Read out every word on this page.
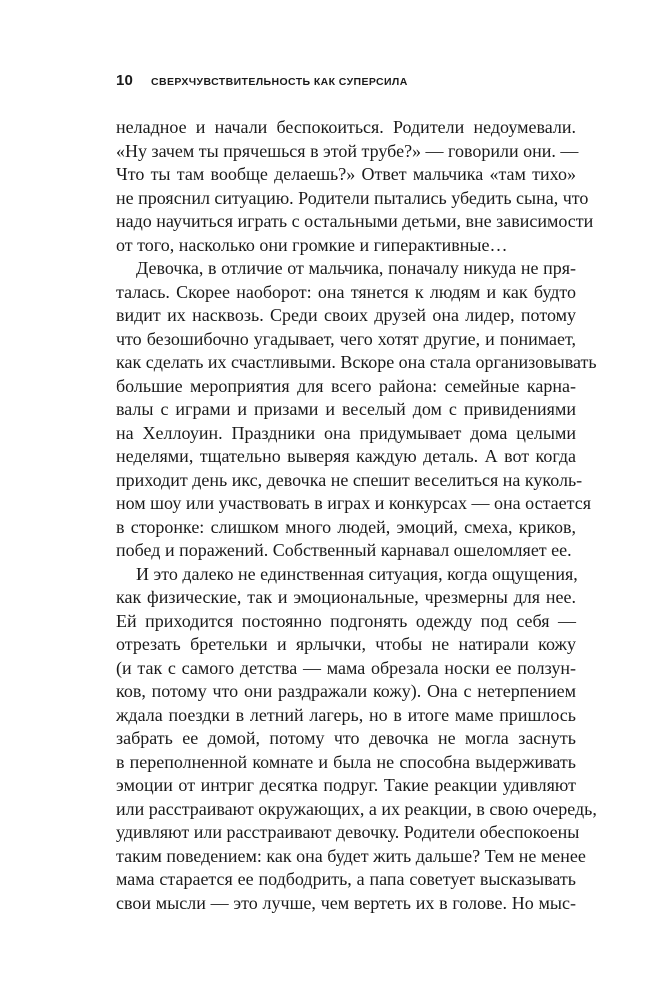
10	СВЕРХЧУВСТВИТЕЛЬНОСТЬ КАК СУПЕРСИЛА
неладное и начали беспокоиться. Родители недоумевали.
«Ну зачем ты прячешься в этой трубе?» — говорили они. —
Что ты там вообще делаешь?» Ответ мальчика «там тихо»
не прояснил ситуацию. Родители пытались убедить сына, что
надо научиться играть с остальными детьми, вне зависимости
от того, насколько они громкие и гиперактивные…
Девочка, в отличие от мальчика, поначалу никуда не пря-
талась. Скорее наоборот: она тянется к людям и как будто
видит их насквозь. Среди своих друзей она лидер, потому
что безошибочно угадывает, чего хотят другие, и понимает,
как сделать их счастливыми. Вскоре она стала организовывать
большие мероприятия для всего района: семейные карна-
валы с играми и призами и веселый дом с привидениями
на Хеллоуин. Праздники она придумывает дома целыми
неделями, тщательно выверяя каждую деталь. А вот когда
приходит день икс, девочка не спешит веселиться на куколь-
ном шоу или участвовать в играх и конкурсах — она остается
в сторонке: слишком много людей, эмоций, смеха, криков,
побед и поражений. Собственный карнавал ошеломляет ее.
И это далеко не единственная ситуация, когда ощущения,
как физические, так и эмоциональные, чрезмерны для нее.
Ей приходится постоянно подгонять одежду под себя —
отрезать бретельки и ярлычки, чтобы не натирали кожу
(и так с самого детства — мама обрезала носки ее ползун-
ков, потому что они раздражали кожу). Она с нетерпением
ждала поездки в летний лагерь, но в итоге маме пришлось
забрать ее домой, потому что девочка не могла заснуть
в переполненной комнате и была не способна выдерживать
эмоции от интриг десятка подруг. Такие реакции удивляют
или расстраивают окружающих, а их реакции, в свою очередь,
удивляют или расстраивают девочку. Родители обеспокоены
таким поведением: как она будет жить дальше? Тем не менее
мама старается ее подбодрить, а папа советует высказывать
свои мысли — это лучше, чем вертеть их в голове. Но мыс-
